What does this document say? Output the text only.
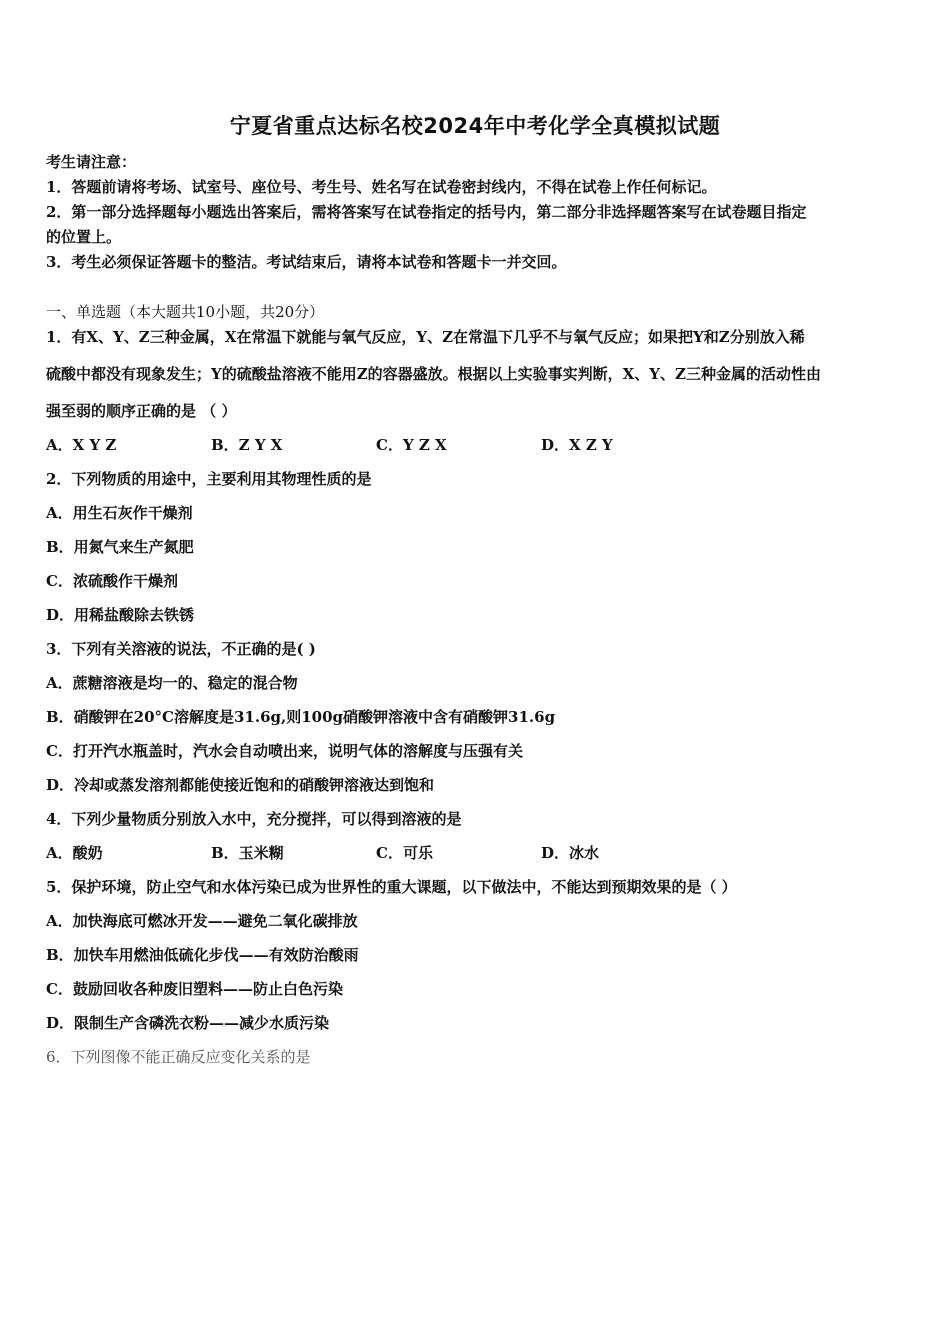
宁夏省重点达标名校2024年中考化学全真模拟试题
考生请注意：
1．答题前请将考场、试室号、座位号、考生号、姓名写在试卷密封线内，不得在试卷上作任何标记。
2．第一部分选择题每小题选出答案后，需将答案写在试卷指定的括号内，第二部分非选择题答案写在试卷题目指定
的位置上。
3．考生必须保证答题卡的整洁。考试结束后，请将本试卷和答题卡一并交回。
一、单选题（本大题共10小题，共20分）
1．有X、Y、Z三种金属，X在常温下就能与氧气反应，Y、Z在常温下几乎不与氧气反应；如果把Y和Z分别放入稀
硫酸中都没有现象发生；Y的硫酸盐溶液不能用Z的容器盛放。根据以上实验事实判断，X、Y、Z三种金属的活动性由
强至弱的顺序正确的是 （ ）
A．X Y Z	B．Z Y X	C．Y Z X	D．X Z Y
2．下列物质的用途中，主要利用其物理性质的是
A．用生石灰作干燥剂
B．用氮气来生产氮肥
C．浓硫酸作干燥剂
D．用稀盐酸除去铁锈
3．下列有关溶液的说法，不正确的是( )
A．蔗糖溶液是均一的、稳定的混合物
B．硝酸钾在20°C溶解度是31.6g,则100g硝酸钾溶液中含有硝酸钾31.6g
C．打开汽水瓶盖时，汽水会自动喷出来，说明气体的溶解度与压强有关
D．冷却或蒸发溶剂都能使接近饱和的硝酸钾溶液达到饱和
4．下列少量物质分别放入水中，充分搅拌，可以得到溶液的是
A．酸奶	B．玉米糊	C．可乐	D．冰水
5．保护环境，防止空气和水体污染已成为世界性的重大课题，以下做法中，不能达到预期效果的是（ ）
A．加快海底可燃冰开发——避免二氧化碳排放
B．加快车用燃油低硫化步伐——有效防治酸雨
C．鼓励回收各种废旧塑料——防止白色污染
D．限制生产含磷洗衣粉——减少水质污染
6．下列图像不能正确反应变化关系的是
